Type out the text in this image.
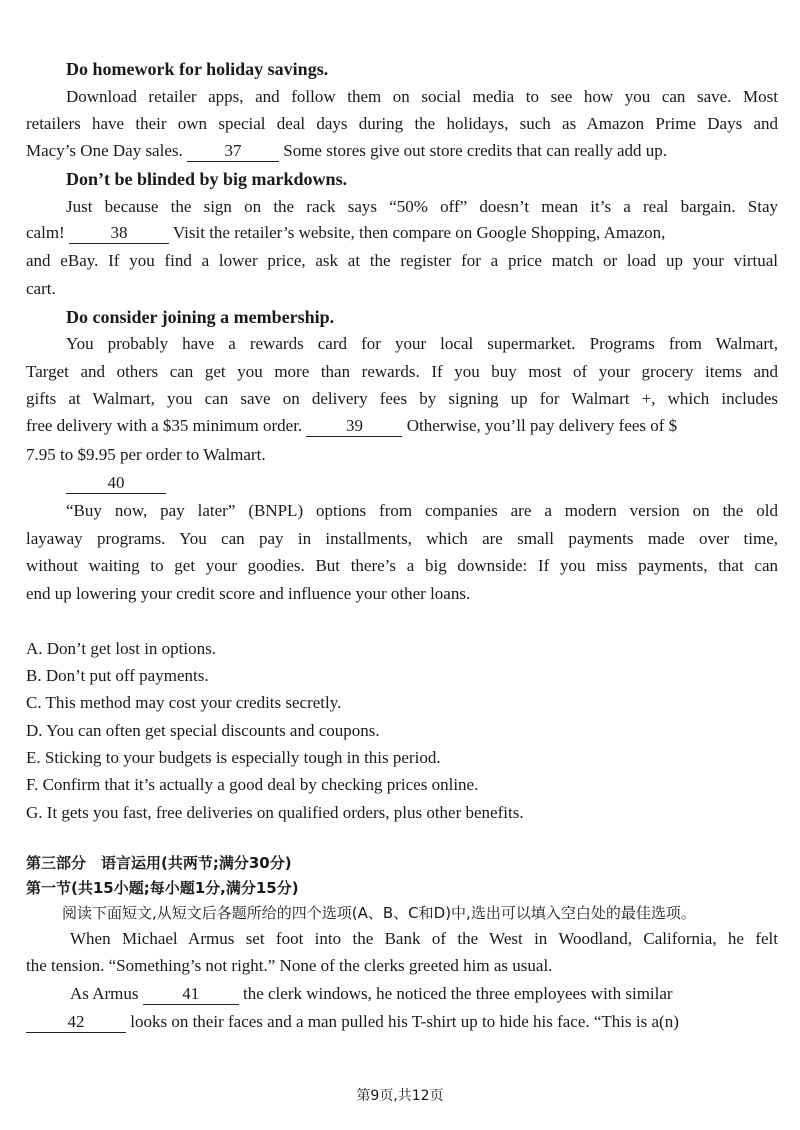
Do homework for holiday savings.
Download retailer apps, and follow them on social media to see how you can save. Most
retailers have their own special deal days during the holidays, such as Amazon Prime Days and
Macy’s One Day sales. 37 Some stores give out store credits that can really add up.
Don’t be blinded by big markdowns.
Just because the sign on the rack says “50% off” doesn’t mean it’s a real bargain. Stay
calm!	38	Visit the retailer’s website, then compare on Google Shopping, Amazon,
and eBay. If you find a lower price, ask at the register for a price match or load up your virtual
cart.
Do consider joining a membership.
You probably have a rewards card for your local supermarket. Programs from Walmart,
Target and others can get you more than rewards. If you buy most of your grocery items and
gifts at Walmart, you can save on delivery fees by signing up for Walmart +, which includes
free delivery with a $35 minimum order.	39	Otherwise, you’ll pay delivery fees of $
7.95 to $9.95 per order to Walmart.
40
“Buy now, pay later” (BNPL) options from companies are a modern version on the old
layaway programs. You can pay in installments, which are small payments made over time,
without waiting to get your goodies. But there’s a big downside: If you miss payments, that can
end up lowering your credit score and influence your other loans.
A. Don’t get lost in options.
B. Don’t put off payments.
C. This method may cost your credits secretly.
D. You can often get special discounts and coupons.
E. Sticking to your budgets is especially tough in this period.
F. Confirm that it’s actually a good deal by checking prices online.
G. It gets you fast, free deliveries on qualified orders, plus other benefits.
第三部分　语言运用(共两节;满分30分)
第一节(共15小题;每小题1分,满分15分)
阅读下面短文,从短文后各题所给的四个选项(A、B、C和D)中,选出可以填入空白处的最佳选项。
When Michael Armus set foot into the Bank of the West in Woodland, California, he felt
the tension. “Something’s not right.” None of the clerks greeted him as usual.
As Armus	41	the clerk windows, he noticed the three employees with similar
42	looks on their faces and a man pulled his T-shirt up to hide his face. “This is a(n)
第9页,共12页
